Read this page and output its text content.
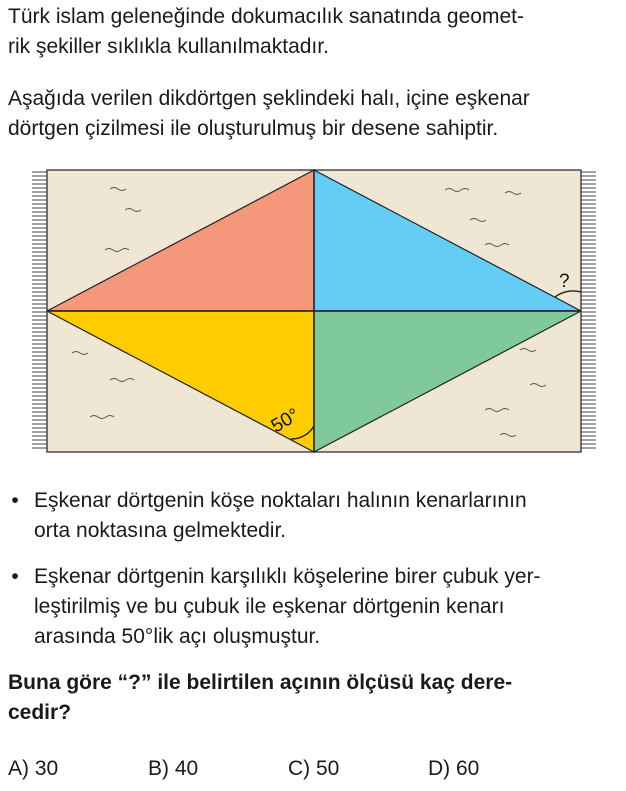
Türk islam geleneğinde dokumacılık sanatında geomet-
rik şekiller sıklıkla kullanılmaktadır.
Aşağıda verilen dikdörtgen şeklindeki halı, içine eşkenar
dörtgen çizilmesi ile oluşturulmuş bir desene sahiptir.
50°
?
• Eşkenar dörtgenin köşe noktaları halının kenarlarının
orta noktasına gelmektedir.
• Eşkenar dörtgenin karşılıklı köşelerine birer çubuk yer-
leştirilmiş ve bu çubuk ile eşkenar dörtgenin kenarı
arasında 50°lik açı oluşmuştur.
Buna göre “?” ile belirtilen açının ölçüsü kaç dere-
cedir?
A) 30	B) 40	C) 50	D) 60
